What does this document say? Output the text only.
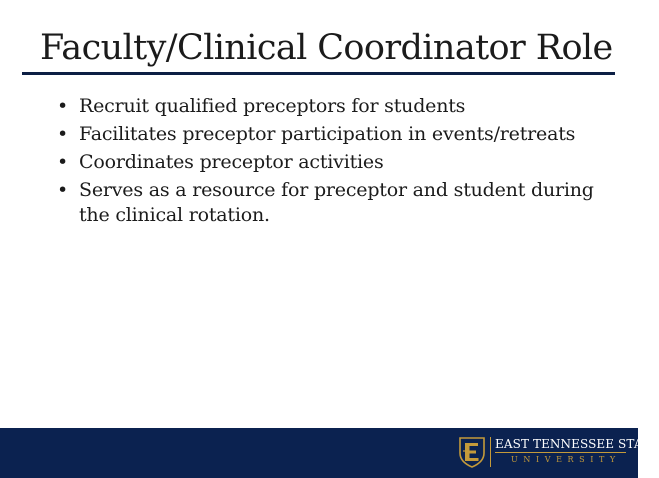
Faculty/Clinical Coordinator Role
• Recruit qualified preceptors for students
• Facilitates preceptor participation in events/retreats
• Coordinates preceptor activities
• Serves as a resource for preceptor and student during the clinical rotation.
EAST TENNESSEE STATE
UNIVERSITY
